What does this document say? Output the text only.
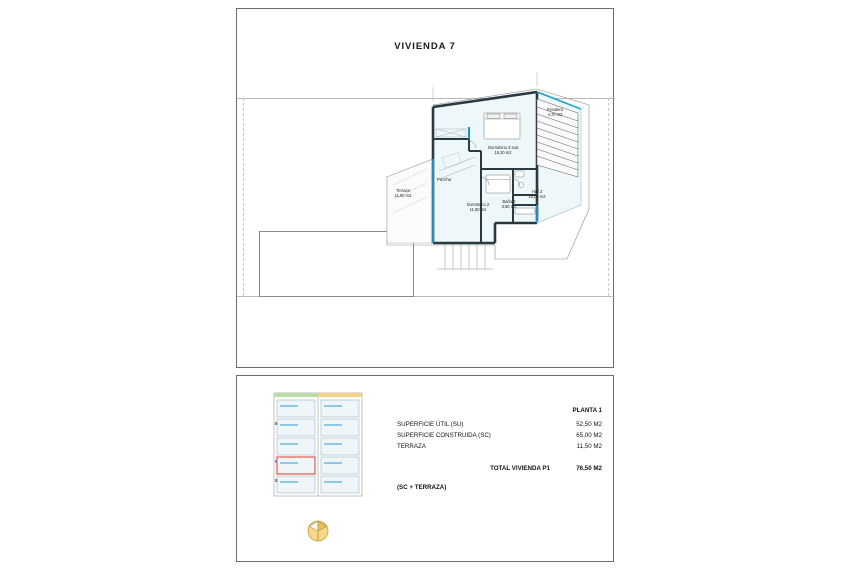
VIVIENDA 7
Escalera
4,70 m2
Dormitorio 3 suit
19,30 m2
Hall 2
10,00 m2
Baño 2
3,50 m2
Dormitorio 2
11,50 m2
Porche
Terraza
11,50 m2
PLANTA 1
SUPERFICIE ÚTIL (SU)	52,50 M2
SUPERFICIE CONSTRUIDA (SC)	65,00 M2
TERRAZA	11,50 M2
TOTAL VIVIENDA P1	76,50 M2
(SC + TERRAZA)
